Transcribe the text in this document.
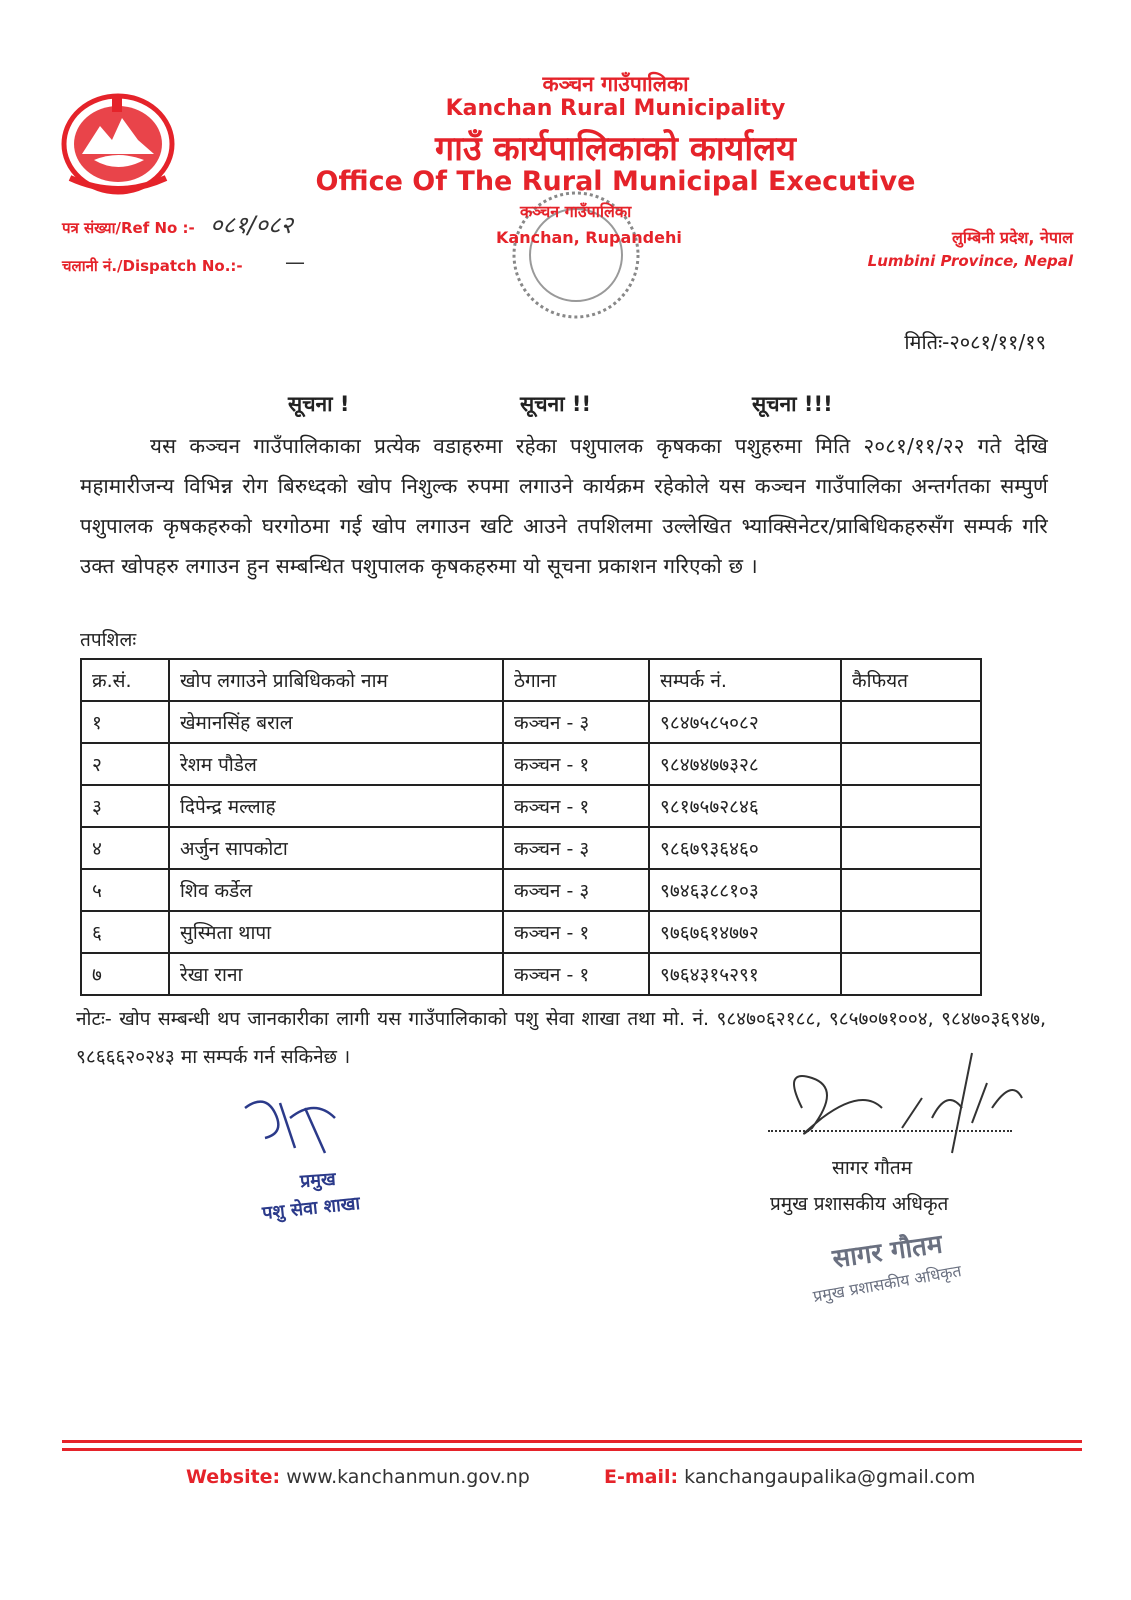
कञ्चन गाउँपालिका
Kanchan Rural Municipality
गाउँ कार्यपालिकाको कार्यालय
Office Of The Rural Municipal Executive
पत्र संख्या/Ref No :- ०८१/०८२
चलानी नं./Dispatch No.:- —
कञ्चन गाउँपालिका
Kanchan, Rupandehi	लुम्बिनी प्रदेश, नेपाल
Lumbini Province, Nepal
मितिः-२०८१/११/१९
सूचना !	सूचना !!	सूचना !!!
यस कञ्चन गाउँपालिकाका प्रत्येक वडाहरुमा रहेका पशुपालक कृषकका पशुहरुमा मिति २०८१/११/२२ गते देखि महामारीजन्य विभिन्न रोग बिरुध्दको खोप निशुल्क रुपमा लगाउने कार्यक्रम रहेकोले यस कञ्चन गाउँपालिका अन्तर्गतका सम्पुर्ण पशुपालक कृषकहरुको घरगोठमा गई खोप लगाउन खटि आउने तपशिलमा उल्लेखित भ्याक्सिनेटर/प्राबिधिकहरुसँग सम्पर्क गरि उक्त खोपहरु लगाउन हुन सम्बन्धित पशुपालक कृषकहरुमा यो सूचना प्रकाशन गरिएको छ ।
तपशिलः
क्र.सं.	खोप लगाउने प्राबिधिकको नाम	ठेगाना	सम्पर्क नं.	कैफियत
१	खेमानसिंह बराल	कञ्चन - ३	९८४७५८५०८२	
२	रेशम पौडेल	कञ्चन - १	९८४७४७७३२८	
३	दिपेन्द्र मल्लाह	कञ्चन - १	९८१७५७२८४६	
४	अर्जुन सापकोटा	कञ्चन - ३	९८६७९३६४६०	
५	शिव कर्डेल	कञ्चन - ३	९७४६३८८१०३	
६	सुस्मिता थापा	कञ्चन - १	९७६७६१४७७२	
७	रेखा राना	कञ्चन - १	९७६४३१५२९१	
नोटः- खोप सम्बन्धी थप जानकारीका लागी यस गाउँपालिकाको पशु सेवा शाखा तथा मो. नं. ९८४७०६२१८८, ९८५७०७१००४, ९८४७०३६९४७, ९८६६६२०२४३ मा सम्पर्क गर्न सकिनेछ ।
प्रमुख
पशु सेवा शाखा
सागर गौतम
प्रमुख प्रशासकीय अधिकृत
सागर गौतम
प्रमुख प्रशासकीय अधिकृत
Website: www.kanchanmun.gov.np	E-mail: kanchangaupalika@gmail.com
